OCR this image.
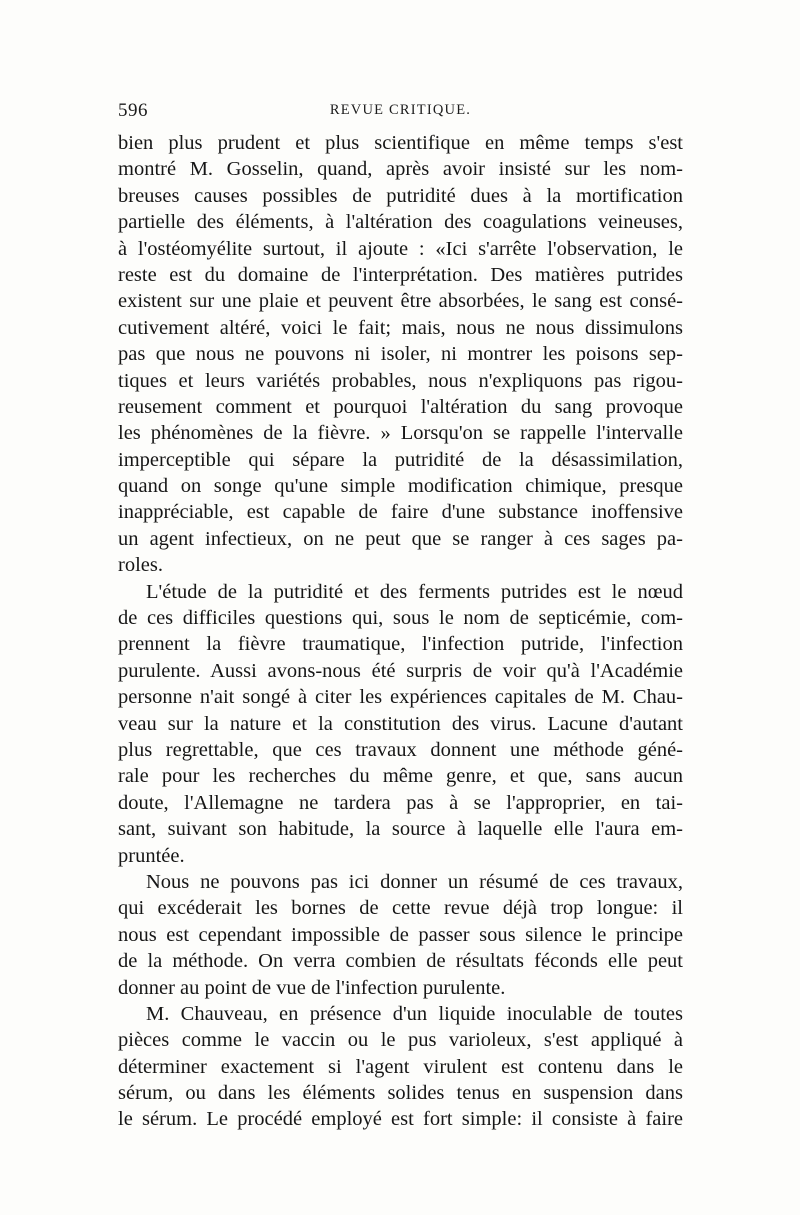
596	REVUE CRITIQUE.
bien plus prudent et plus scientifique en même temps s'est
montré M. Gosselin, quand, après avoir insisté sur les nom-
breuses causes possibles de putridité dues à la mortification
partielle des éléments, à l'altération des coagulations veineuses,
à l'ostéomyélite surtout, il ajoute : «Ici s'arrête l'observation, le
reste est du domaine de l'interprétation. Des matières putrides
existent sur une plaie et peuvent être absorbées, le sang est consé-
cutivement altéré, voici le fait; mais, nous ne nous dissimulons
pas que nous ne pouvons ni isoler, ni montrer les poisons sep-
tiques et leurs variétés probables, nous n'expliquons pas rigou-
reusement comment et pourquoi l'altération du sang provoque
les phénomènes de la fièvre. » Lorsqu'on se rappelle l'intervalle
imperceptible qui sépare la putridité de la désassimilation,
quand on songe qu'une simple modification chimique, presque
inappréciable, est capable de faire d'une substance inoffensive
un agent infectieux, on ne peut que se ranger à ces sages pa-
roles.
L'étude de la putridité et des ferments putrides est le nœud
de ces difficiles questions qui, sous le nom de septicémie, com-
prennent la fièvre traumatique, l'infection putride, l'infection
purulente. Aussi avons-nous été surpris de voir qu'à l'Académie
personne n'ait songé à citer les expériences capitales de M. Chau-
veau sur la nature et la constitution des virus. Lacune d'autant
plus regrettable, que ces travaux donnent une méthode géné-
rale pour les recherches du même genre, et que, sans aucun
doute, l'Allemagne ne tardera pas à se l'approprier, en tai-
sant, suivant son habitude, la source à laquelle elle l'aura em-
pruntée.
Nous ne pouvons pas ici donner un résumé de ces travaux,
qui excéderait les bornes de cette revue déjà trop longue: il
nous est cependant impossible de passer sous silence le principe
de la méthode. On verra combien de résultats féconds elle peut
donner au point de vue de l'infection purulente.
M. Chauveau, en présence d'un liquide inoculable de toutes
pièces comme le vaccin ou le pus varioleux, s'est appliqué à
déterminer exactement si l'agent virulent est contenu dans le
sérum, ou dans les éléments solides tenus en suspension dans
le sérum. Le procédé employé est fort simple: il consiste à faire
